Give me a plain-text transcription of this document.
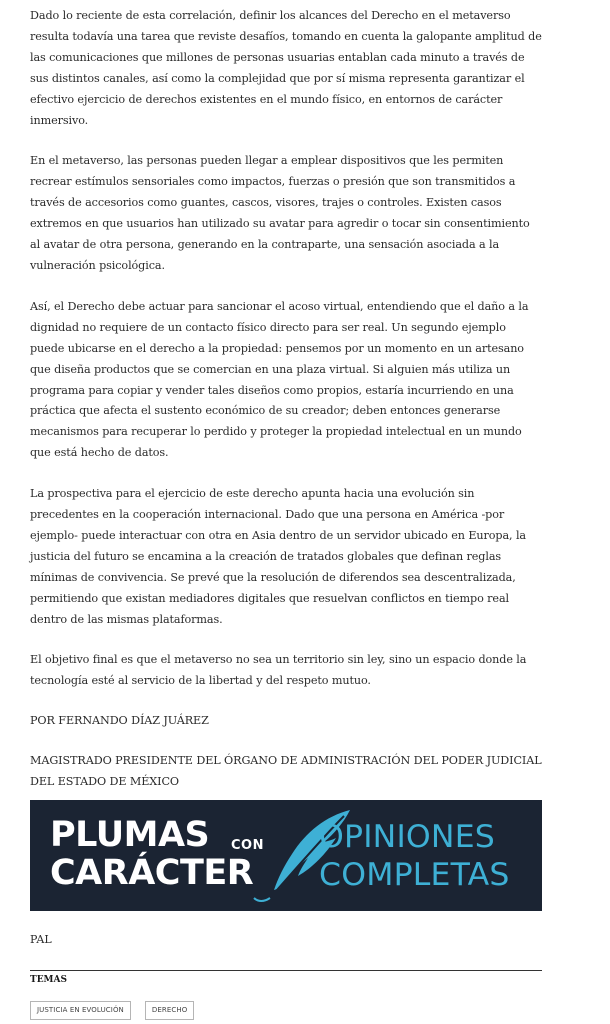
Dado lo reciente de esta correlación, definir los alcances del Derecho en el metaverso resulta todavía una tarea que reviste desafíos, tomando en cuenta la galopante amplitud de las comunicaciones que millones de personas usuarias entablan cada minuto a través de sus distintos canales, así como la complejidad que por sí misma representa garantizar el efectivo ejercicio de derechos existentes en el mundo físico, en entornos de carácter inmersivo.

En el metaverso, las personas pueden llegar a emplear dispositivos que les permiten recrear estímulos sensoriales como impactos, fuerzas o presión que son transmitidos a través de accesorios como guantes, cascos, visores, trajes o controles. Existen casos extremos en que usuarios han utilizado su avatar para agredir o tocar sin consentimiento al avatar de otra persona, generando en la contraparte, una sensación asociada a la vulneración psicológica.

Así, el Derecho debe actuar para sancionar el acoso virtual, entendiendo que el daño a la dignidad no requiere de un contacto físico directo para ser real. Un segundo ejemplo puede ubicarse en el derecho a la propiedad: pensemos por un momento en un artesano que diseña productos que se comercian en una plaza virtual. Si alguien más utiliza un programa para copiar y vender tales diseños como propios, estaría incurriendo en una práctica que afecta el sustento económico de su creador; deben entonces generarse mecanismos para recuperar lo perdido y proteger la propiedad intelectual en un mundo que está hecho de datos.

La prospectiva para el ejercicio de este derecho apunta hacia una evolución sin precedentes en la cooperación internacional. Dado que una persona en América -por ejemplo- puede interactuar con otra en Asia dentro de un servidor ubicado en Europa, la justicia del futuro se encamina a la creación de tratados globales que definan reglas mínimas de convivencia. Se prevé que la resolución de diferendos sea descentralizada, permitiendo que existan mediadores digitales que resuelvan conflictos en tiempo real dentro de las mismas plataformas.

El objetivo final es que el metaverso no sea un territorio sin ley, sino un espacio donde la tecnología esté al servicio de la libertad y del respeto mutuo.

POR FERNANDO DÍAZ JUÁREZ

MAGISTRADO PRESIDENTE DEL ÓRGANO DE ADMINISTRACIÓN DEL PODER JUDICIAL DEL ESTADO DE MÉXICO

PLUMAS	CON
CARÁCTER
OPINIONES
COMPLETAS
PAL
TEMAS
JUSTICIA EN EVOLUCIÓN	DERECHO
